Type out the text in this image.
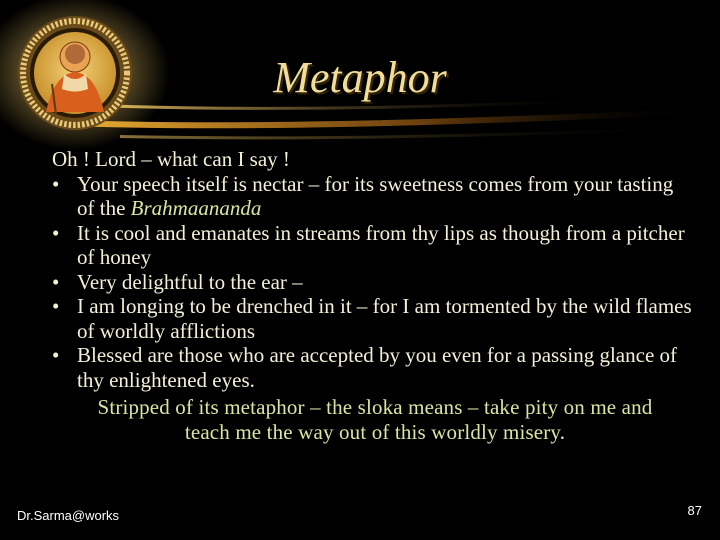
Metaphor

Oh ! Lord – what can I say !

• Your speech itself is nectar – for its sweetness comes from your tasting of the Brahmaananda
• It is cool and emanates in streams from thy lips as though from a pitcher of honey
• Very delightful to the ear –
• I am longing to be drenched in it – for I am tormented by the wild flames of worldly afflictions
• Blessed are those who are accepted by you even for a passing glance of thy enlightened eyes.

Stripped of its metaphor – the sloka means – take pity on me and teach me the way out of this worldly misery.

Dr.Sarma@works	87
